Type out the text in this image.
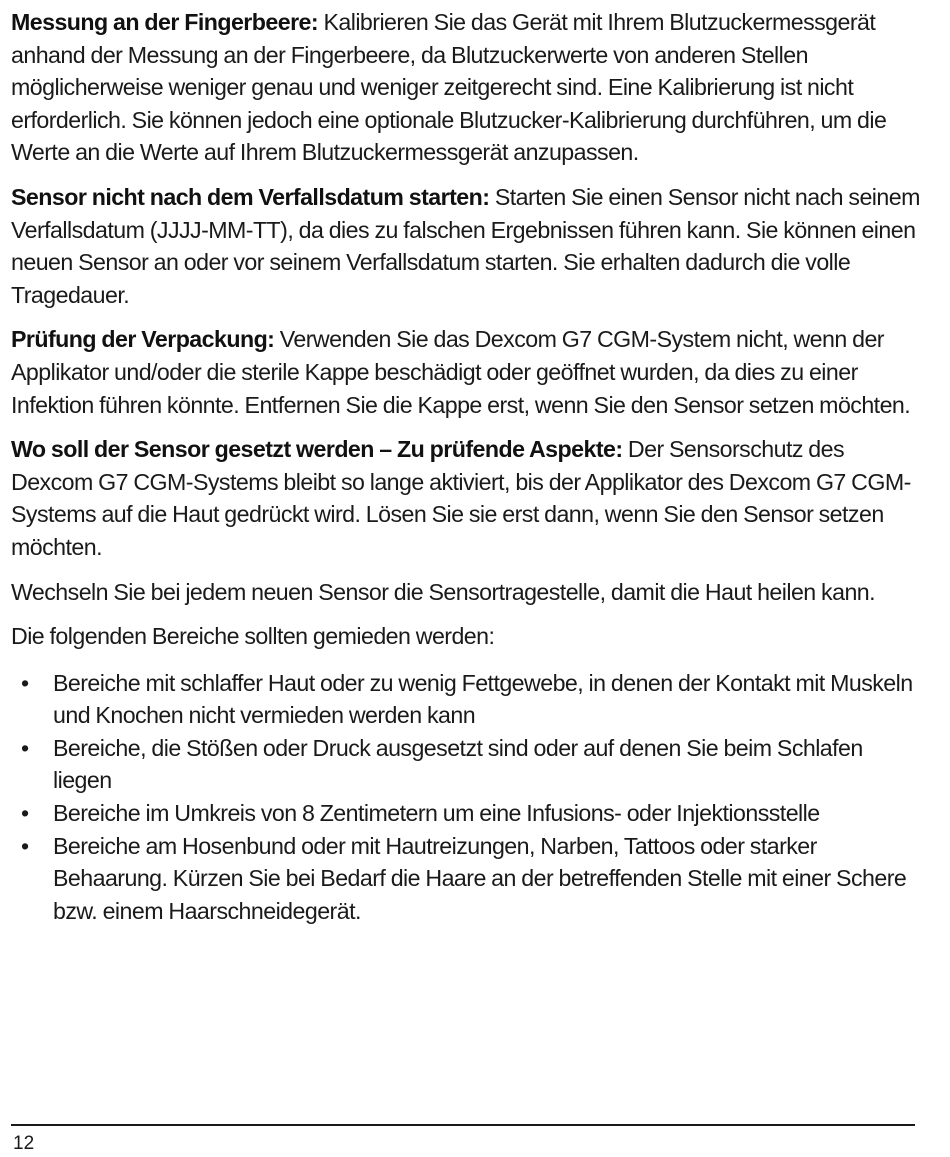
Messung an der Fingerbeere: Kalibrieren Sie das Gerät mit Ihrem Blutzuckermessgerät anhand der Messung an der Fingerbeere, da Blutzuckerwerte von anderen Stellen möglicherweise weniger genau und weniger zeitgerecht sind. Eine Kalibrierung ist nicht erforderlich. Sie können jedoch eine optionale Blutzucker-Kalibrierung durchführen, um die Werte an die Werte auf Ihrem Blutzuckermessgerät anzupassen.

Sensor nicht nach dem Verfallsdatum starten: Starten Sie einen Sensor nicht nach seinem Verfallsdatum (JJJJ-MM-TT), da dies zu falschen Ergebnissen führen kann. Sie können einen neuen Sensor an oder vor seinem Verfallsdatum starten. Sie erhalten dadurch die volle Tragedauer.

Prüfung der Verpackung: Verwenden Sie das Dexcom G7 CGM-System nicht, wenn der Applikator und/oder die sterile Kappe beschädigt oder geöffnet wurden, da dies zu einer Infektion führen könnte. Entfernen Sie die Kappe erst, wenn Sie den Sensor setzen möchten.

Wo soll der Sensor gesetzt werden – Zu prüfende Aspekte: Der Sensorschutz des Dexcom G7 CGM-Systems bleibt so lange aktiviert, bis der Applikator des Dexcom G7 CGM-Systems auf die Haut gedrückt wird. Lösen Sie sie erst dann, wenn Sie den Sensor setzen möchten.

Wechseln Sie bei jedem neuen Sensor die Sensortragestelle, damit die Haut heilen kann.

Die folgenden Bereiche sollten gemieden werden:

• Bereiche mit schlaffer Haut oder zu wenig Fettgewebe, in denen der Kontakt mit Muskeln und Knochen nicht vermieden werden kann
• Bereiche, die Stößen oder Druck ausgesetzt sind oder auf denen Sie beim Schlafen liegen
• Bereiche im Umkreis von 8 Zentimetern um eine Infusions- oder Injektionsstelle
• Bereiche am Hosenbund oder mit Hautreizungen, Narben, Tattoos oder starker Behaarung. Kürzen Sie bei Bedarf die Haare an der betreffenden Stelle mit einer Schere bzw. einem Haarschneidegerät.
12
